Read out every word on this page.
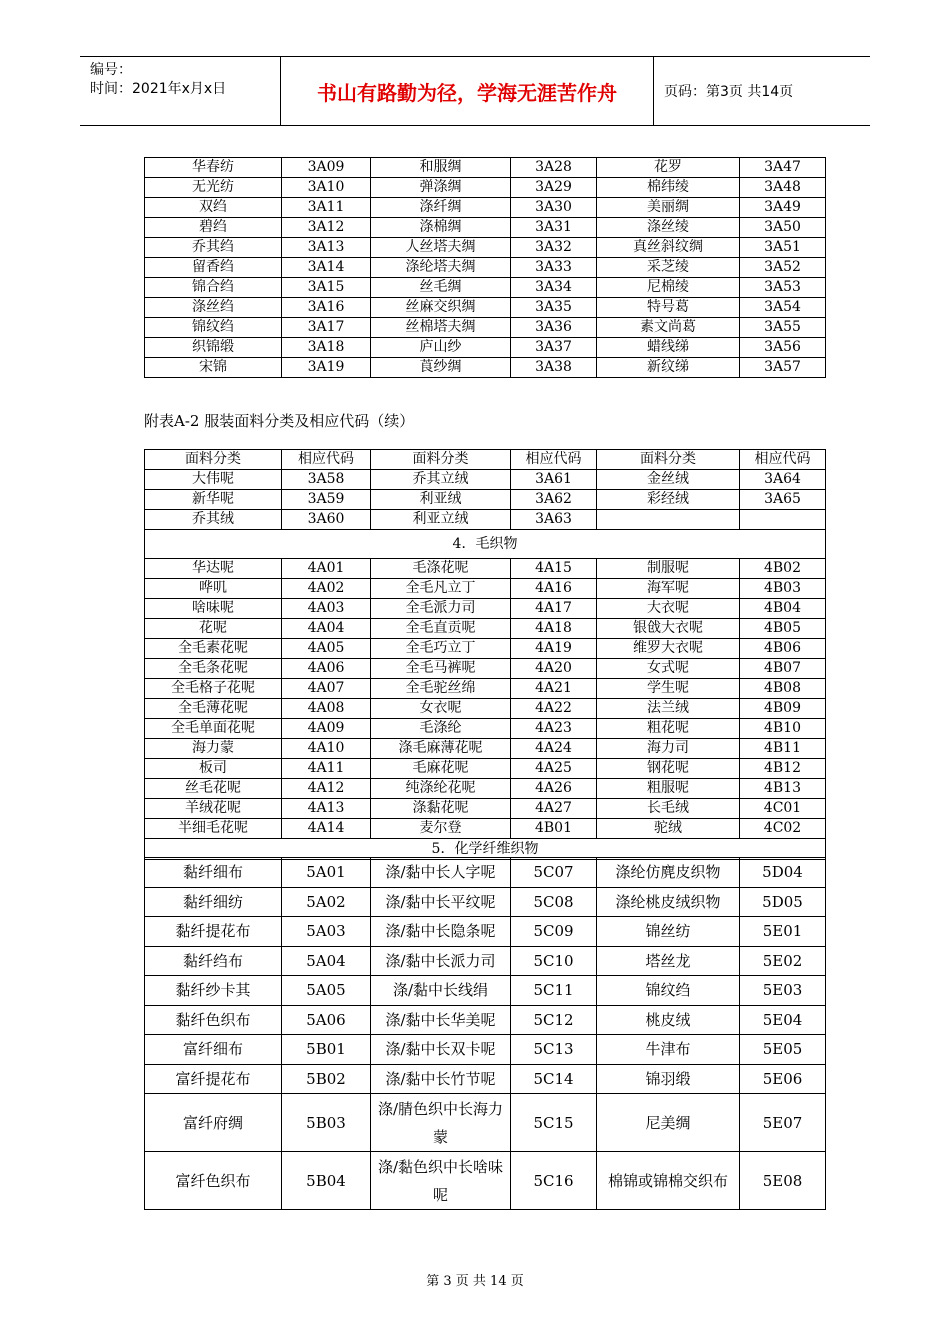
编号：
时间：2021年x月x日	书山有路勤为径，学海无涯苦作舟	页码：第3页 共14页
华春纺	3A09	和服绸	3A28	花罗	3A47
无光纺	3A10	弹涤绸	3A29	棉纬绫	3A48
双绉	3A11	涤纤绸	3A30	美丽绸	3A49
碧绉	3A12	涤棉绸	3A31	涤丝绫	3A50
乔其绉	3A13	人丝塔夫绸	3A32	真丝斜纹绸	3A51
留香绉	3A14	涤纶塔夫绸	3A33	采芝绫	3A52
锦合绉	3A15	丝毛绸	3A34	尼棉绫	3A53
涤丝绉	3A16	丝麻交织绸	3A35	特号葛	3A54
锦纹绉	3A17	丝棉塔夫绸	3A36	素文尚葛	3A55
织锦缎	3A18	庐山纱	3A37	蜡线绨	3A56
宋锦	3A19	莨纱绸	3A38	新纹绨	3A57
附表A-2 服装面料分类及相应代码（续）
面料分类	相应代码	面料分类	相应代码	面料分类	相应代码
大伟呢	3A58	乔其立绒	3A61	金丝绒	3A64
新华呢	3A59	利亚绒	3A62	彩经绒	3A65
乔其绒	3A60	利亚立绒	3A63		
4．毛织物					
华达呢	4A01	毛涤花呢	4A15	制服呢	4B02
哗叽	4A02	全毛凡立丁	4A16	海军呢	4B03
啥味呢	4A03	全毛派力司	4A17	大衣呢	4B04
花呢	4A04	全毛直贡呢	4A18	银戗大衣呢	4B05
全毛素花呢	4A05	全毛巧立丁	4A19	维罗大衣呢	4B06
全毛条花呢	4A06	全毛马裤呢	4A20	女式呢	4B07
全毛格子花呢	4A07	全毛驼丝绵	4A21	学生呢	4B08
全毛薄花呢	4A08	女衣呢	4A22	法兰绒	4B09
全毛单面花呢	4A09	毛涤纶	4A23	粗花呢	4B10
海力蒙	4A10	涤毛麻薄花呢	4A24	海力司	4B11
板司	4A11	毛麻花呢	4A25	钢花呢	4B12
丝毛花呢	4A12	纯涤纶花呢	4A26	粗服呢	4B13
羊绒花呢	4A13	涤黏花呢	4A27	长毛绒	4C01
半细毛花呢	4A14	麦尔登	4B01	驼绒	4C02
5．化学纤维织物					
黏纤细布	5A01	涤/黏中长人字呢	5C07	涤纶仿麂皮织物	5D04
黏纤细纺	5A02	涤/黏中长平纹呢	5C08	涤纶桃皮绒织物	5D05
黏纤提花布	5A03	涤/黏中长隐条呢	5C09	锦丝纺	5E01
黏纤绉布	5A04	涤/黏中长派力司	5C10	塔丝龙	5E02
黏纤纱卡其	5A05	涤/黏中长线绢	5C11	锦纹绉	5E03
黏纤色织布	5A06	涤/黏中长华美呢	5C12	桃皮绒	5E04
富纤细布	5B01	涤/黏中长双卡呢	5C13	牛津布	5E05
富纤提花布	5B02	涤/黏中长竹节呢	5C14	锦羽缎	5E06
富纤府绸	5B03	涤/腈色织中长海力蒙	5C15	尼美绸	5E07
富纤色织布	5B04	涤/黏色织中长啥味呢	5C16	棉锦或锦棉交织布	5E08
第 3 页 共 14 页
